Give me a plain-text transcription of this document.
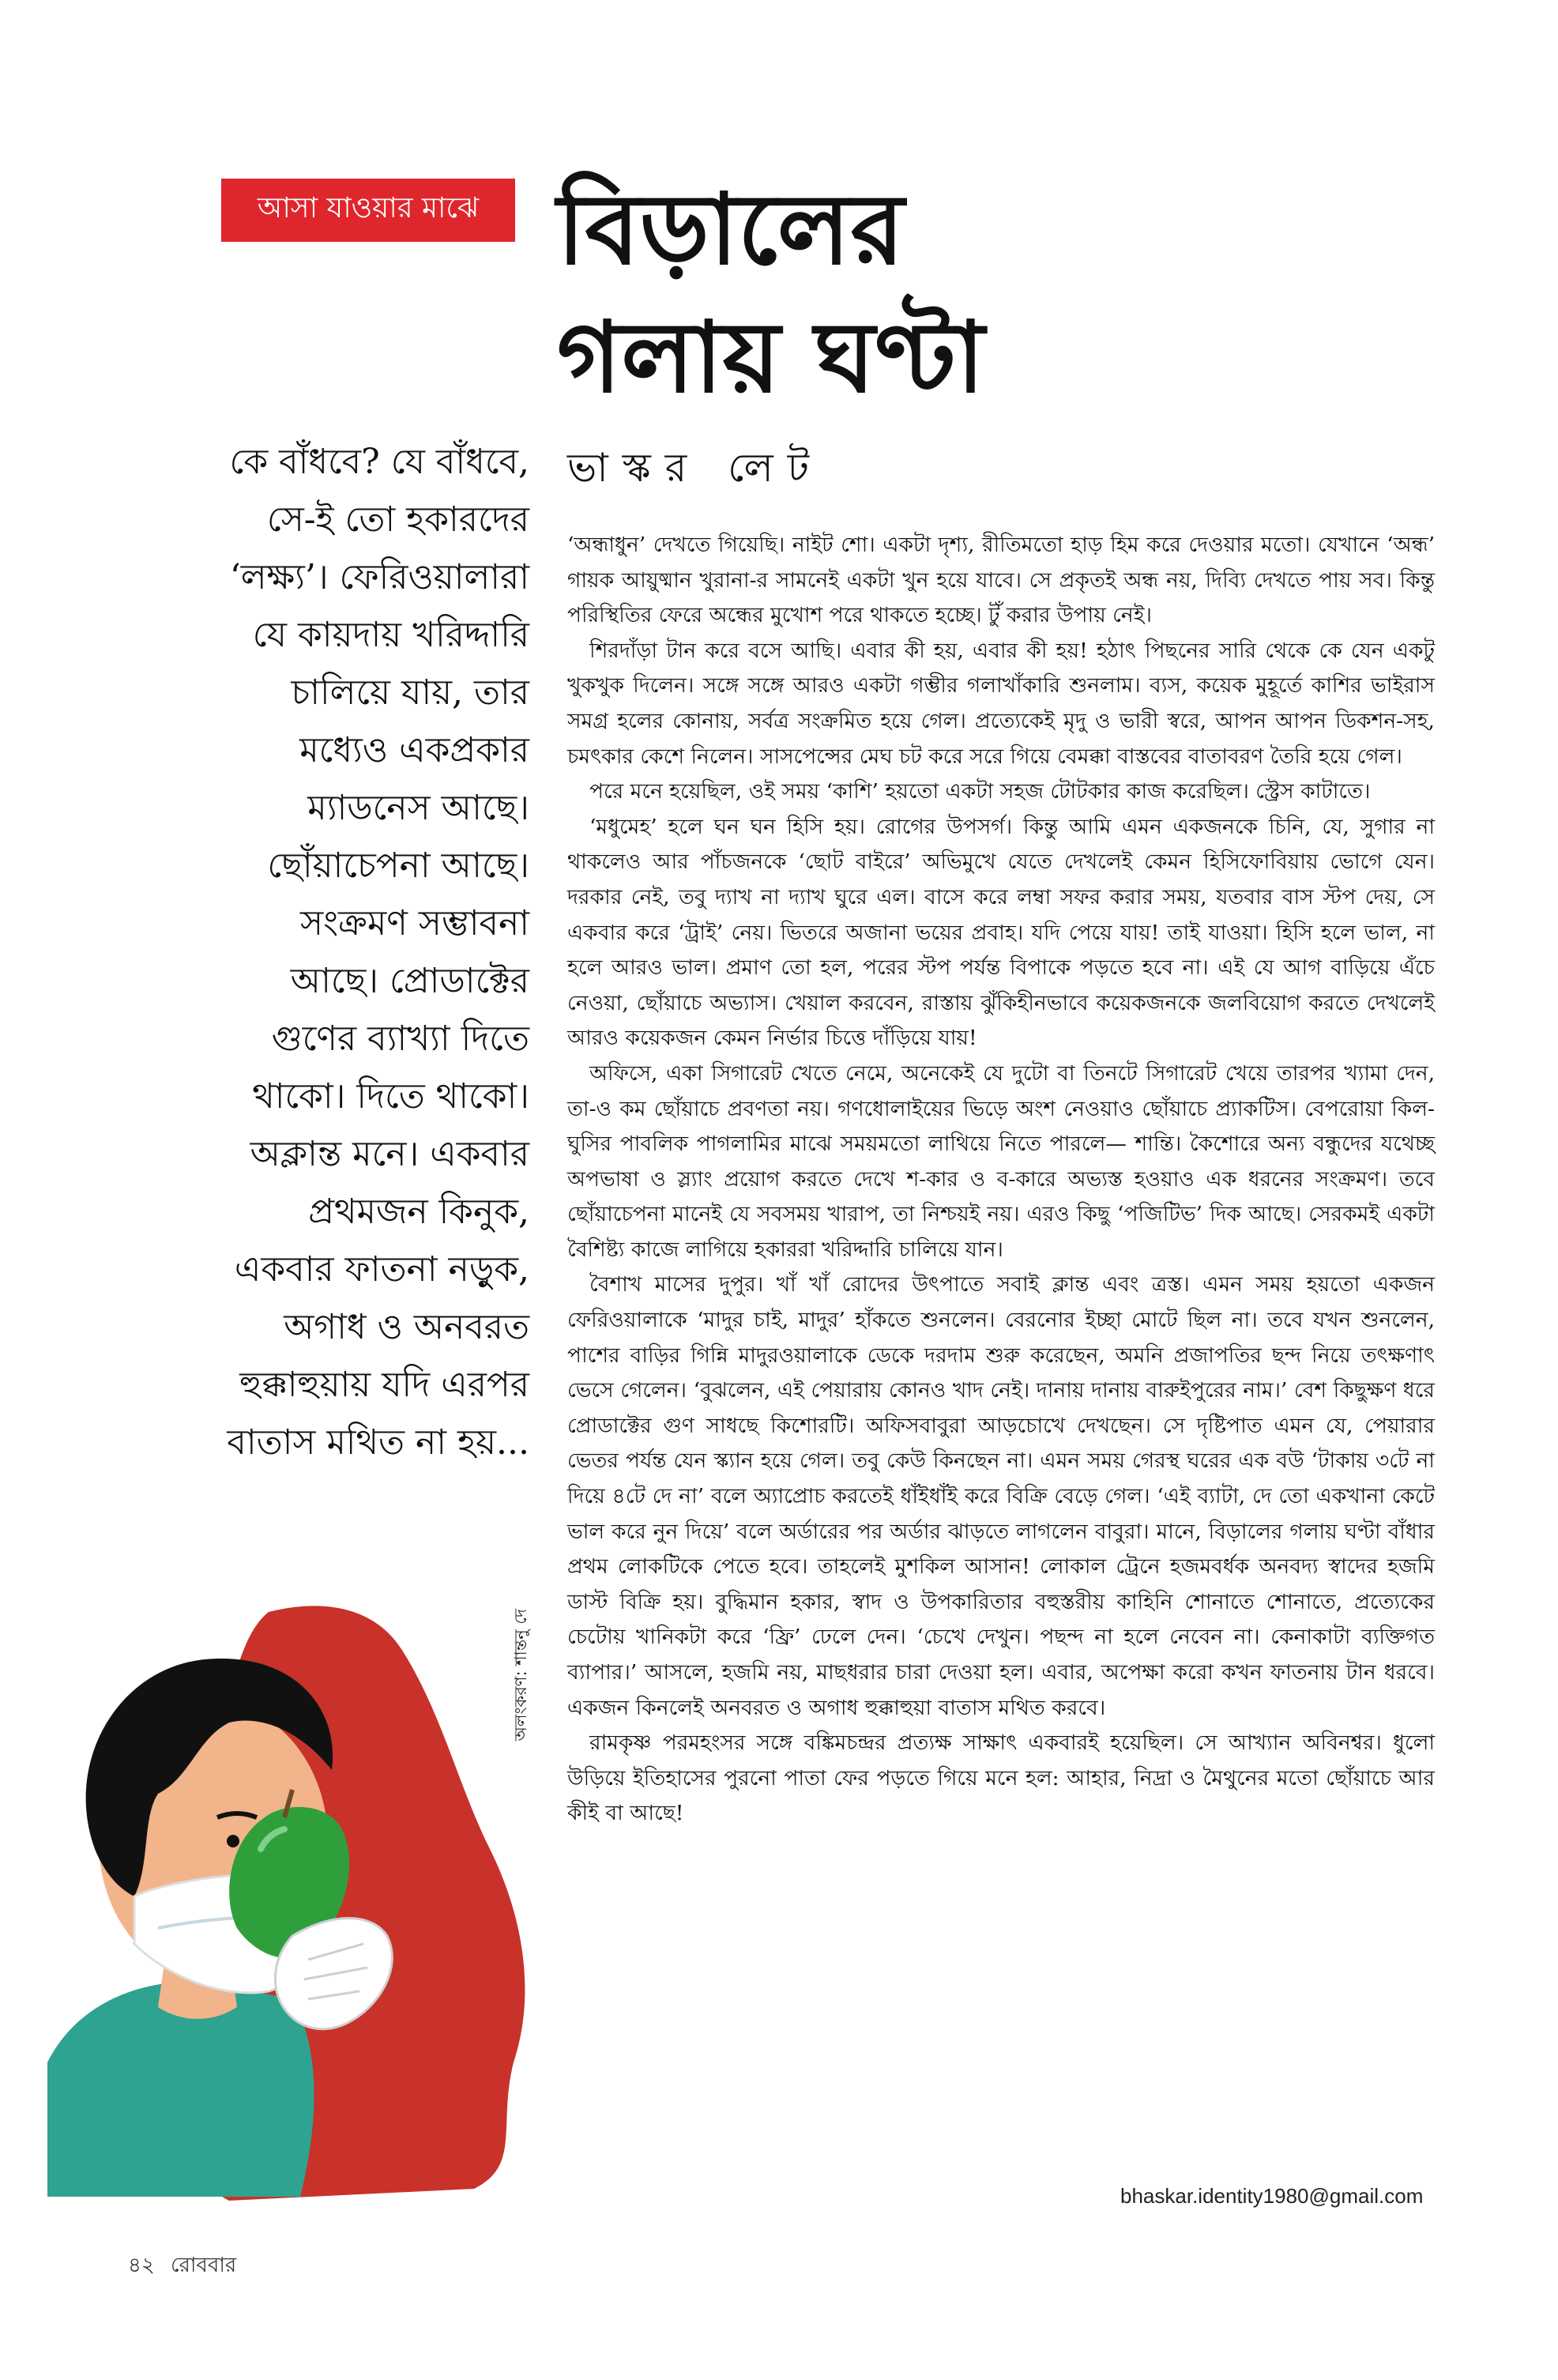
আসা যাওয়ার মাঝে বিড়ালের
গলায় ঘণ্টা
ভাস্কর লেট
কে বাঁধবে? যে বাঁধবে,
সে-ই তো হকারদের
‘লক্ষ্য’। ফেরিওয়ালারা
যে কায়দায় খরিদ্দারি
চালিয়ে যায়, তার
মধ্যেও একপ্রকার
ম্যাডনেস আছে।
ছোঁয়াচেপনা আছে।
সংক্রমণ সম্ভাবনা
আছে। প্রোডাক্টের
গুণের ব্যাখ্যা দিতে
থাকো। দিতে থাকো।
অক্লান্ত মনে। একবার
প্রথমজন কিনুক,
একবার ফাতনা নড়ুক,
অগাধ ও অনবরত
হুক্কাহুয়ায় যদি এরপর
বাতাস মথিত না হয়...

‘অন্ধাধুন’ দেখতে গিয়েছি। নাইট শো। একটা দৃশ্য, রীতিমতো হাড় হিম করে দেওয়ার মতো। যেখানে ‘অন্ধ’ গায়ক আয়ুষ্মান খুরানা-র সামনেই একটা খুন হয়ে যাবে। সে প্রকৃতই অন্ধ নয়, দিব্যি দেখতে পায় সব। কিন্তু পরিস্থিতির ফেরে অন্ধের মুখোশ পরে থাকতে হচ্ছে। টুঁ করার উপায় নেই।

শিরদাঁড়া টান করে বসে আছি। এবার কী হয়, এবার কী হয়! হঠাৎ পিছনের সারি থেকে কে যেন একটু খুকখুক দিলেন। সঙ্গে সঙ্গে আরও একটা গম্ভীর গলাখাঁকারি শুনলাম। ব্যস, কয়েক মুহূর্তে কাশির ভাইরাস সমগ্র হলের কোনায়, সর্বত্র সংক্রমিত হয়ে গেল। প্রত্যেকেই মৃদু ও ভারী স্বরে, আপন আপন ডিকশন-সহ, চমৎকার কেশে নিলেন। সাসপেন্সের মেঘ চট করে সরে গিয়ে বেমক্কা বাস্তবের বাতাবরণ তৈরি হয়ে গেল।

পরে মনে হয়েছিল, ওই সময় ‘কাশি’ হয়তো একটা সহজ টোটকার কাজ করেছিল। স্ট্রেস কাটাতে।

‘মধুমেহ’ হলে ঘন ঘন হিসি হয়। রোগের উপসর্গ। কিন্তু আমি এমন একজনকে চিনি, যে, সুগার না থাকলেও আর পাঁচজনকে ‘ছোট বাইরে’ অভিমুখে যেতে দেখলেই কেমন হিসিফোবিয়ায় ভোগে যেন। দরকার নেই, তবু দ্যাখ না দ্যাখ ঘুরে এল। বাসে করে লম্বা সফর করার সময়, যতবার বাস স্টপ দেয়, সে একবার করে ‘ট্রাই’ নেয়। ভিতরে অজানা ভয়ের প্রবাহ। যদি পেয়ে যায়! তাই যাওয়া। হিসি হলে ভাল, না হলে আরও ভাল। প্রমাণ তো হল, পরের স্টপ পর্যন্ত বিপাকে পড়তে হবে না। এই যে আগ বাড়িয়ে এঁচে নেওয়া, ছোঁয়াচে অভ্যাস। খেয়াল করবেন, রাস্তায় ঝুঁকিহীনভাবে কয়েকজনকে জলবিয়োগ করতে দেখলেই আরও কয়েকজন কেমন নির্ভার চিত্তে দাঁড়িয়ে যায়!

অফিসে, একা সিগারেট খেতে নেমে, অনেকেই যে দুটো বা তিনটে সিগারেট খেয়ে তারপর খ্যামা দেন, তা-ও কম ছোঁয়াচে প্রবণতা নয়। গণধোলাইয়ের ভিড়ে অংশ নেওয়াও ছোঁয়াচে প্র্যাকটিস। বেপরোয়া কিল-ঘুসির পাবলিক পাগলামির মাঝে সময়মতো লাথিয়ে নিতে পারলে— শান্তি। কৈশোরে অন্য বন্ধুদের যথেচ্ছ অপভাষা ও স্ল্যাং প্রয়োগ করতে দেখে শ-কার ও ব-কারে অভ্যস্ত হওয়াও এক ধরনের সংক্রমণ। তবে ছোঁয়াচেপনা মানেই যে সবসময় খারাপ, তা নিশ্চয়ই নয়। এরও কিছু ‘পজিটিভ’ দিক আছে। সেরকমই একটা বৈশিষ্ট্য কাজে লাগিয়ে হকাররা খরিদ্দারি চালিয়ে যান।

বৈশাখ মাসের দুপুর। খাঁ খাঁ রোদের উৎপাতে সবাই ক্লান্ত এবং ত্রস্ত। এমন সময় হয়তো একজন ফেরিওয়ালাকে ‘মাদুর চাই, মাদুর’ হাঁকতে শুনলেন। বেরনোর ইচ্ছা মোটে ছিল না। তবে যখন শুনলেন, পাশের বাড়ির গিন্নি মাদুরওয়ালাকে ডেকে দরদাম শুরু করেছেন, অমনি প্রজাপতির ছন্দ নিয়ে তৎক্ষণাৎ ভেসে গেলেন। ‘বুঝলেন, এই পেয়ারায় কোনও খাদ নেই। দানায় দানায় বারুইপুরের নাম।’ বেশ কিছুক্ষণ ধরে প্রোডাক্টের গুণ সাধছে কিশোরটি। অফিসবাবুরা আড়চোখে দেখছেন। সে দৃষ্টিপাত এমন যে, পেয়ারার ভেতর পর্যন্ত যেন স্ক্যান হয়ে গেল। তবু কেউ কিনছেন না। এমন সময় গেরস্থ ঘরের এক বউ ‘টাকায় ৩টে না দিয়ে ৪টে দে না’ বলে অ্যাপ্রোচ করতেই ধাঁইধাঁই করে বিক্রি বেড়ে গেল। ‘এই ব্যাটা, দে তো একখানা কেটে ভাল করে নুন দিয়ে’ বলে অর্ডারের পর অর্ডার ঝাড়তে লাগলেন বাবুরা। মানে, বিড়ালের গলায় ঘণ্টা বাঁধার প্রথম লোকটিকে পেতে হবে। তাহলেই মুশকিল আসান! লোকাল ট্রেনে হজমবর্ধক অনবদ্য স্বাদের হজমি ডাস্ট বিক্রি হয়। বুদ্ধিমান হকার, স্বাদ ও উপকারিতার বহুস্তরীয় কাহিনি শোনাতে শোনাতে, প্রত্যেকের চেটোয় খানিকটা করে ‘ফ্রি’ ঢেলে দেন। ‘চেখে দেখুন। পছন্দ না হলে নেবেন না। কেনাকাটা ব্যক্তিগত ব্যাপার।’ আসলে, হজমি নয়, মাছধরার চারা দেওয়া হল। এবার, অপেক্ষা করো কখন ফাতনায় টান ধরবে। একজন কিনলেই অনবরত ও অগাধ হুক্কাহুয়া বাতাস মথিত করবে।

রামকৃষ্ণ পরমহংসর সঙ্গে বঙ্কিমচন্দ্রর প্রত্যক্ষ সাক্ষাৎ একবারই হয়েছিল। সে আখ্যান অবিনশ্বর। ধুলো উড়িয়ে ইতিহাসের পুরনো পাতা ফের পড়তে গিয়ে মনে হল: আহার, নিদ্রা ও মৈথুনের মতো ছোঁয়াচে আর কীই বা আছে!

bhaskar.identity1980@gmail.com
৪২ রোববার
অলংকরণ: শান্তনু দে
